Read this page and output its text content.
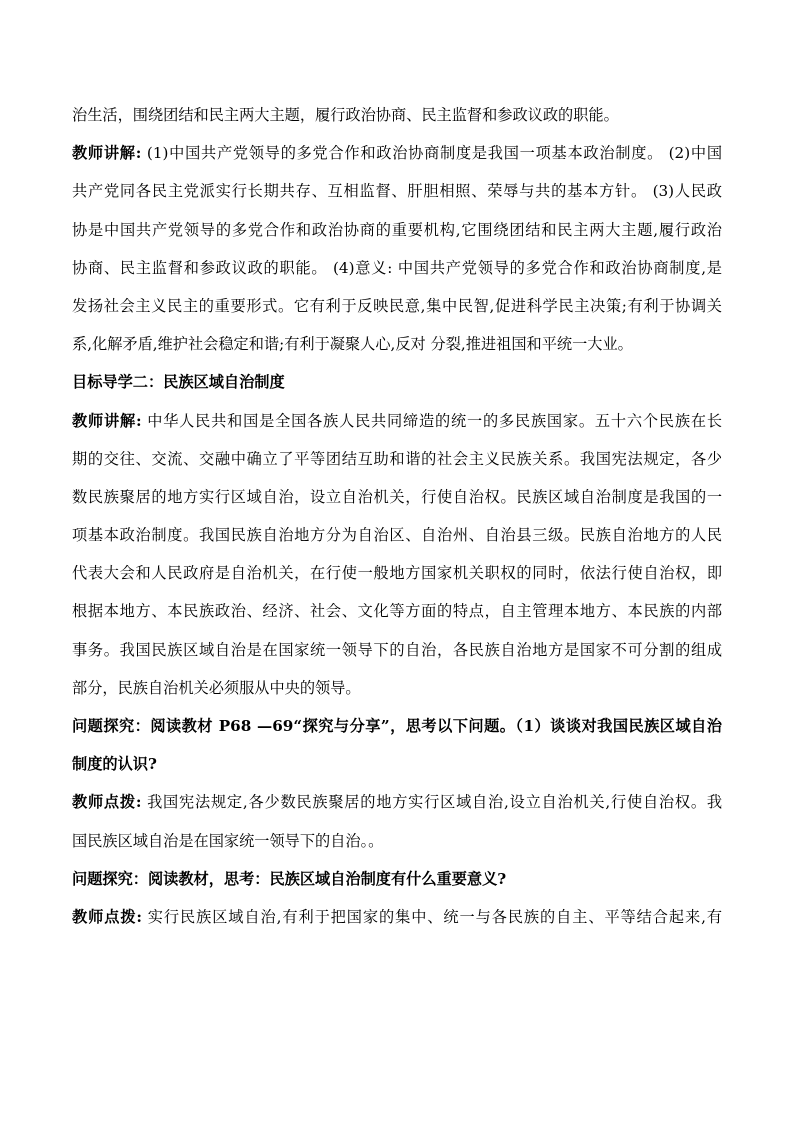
治生活，围绕团结和民主两大主题，履行政治协商、民主监督和参政议政的职能。
教师讲解: (1)中国共产党领导的多党合作和政治协商制度是我国一项基本政治制度。 (2)中国
共产党同各民主党派实行长期共存、互相监督、肝胆相照、荣辱与共的基本方针。 (3)人民政
协是中国共产党领导的多党合作和政治协商的重要机构,它围绕团结和民主两大主题,履行政治
协商、民主监督和参政议政的职能。 (4)意义: 中国共产党领导的多党合作和政治协商制度,是
发扬社会主义民主的重要形式。它有利于反映民意,集中民智,促进科学民主决策;有利于协调关
系,化解矛盾,维护社会稳定和谐;有利于凝聚人心,反对 分裂,推进祖国和平统一大业。
目标导学二：民族区域自治制度
教师讲解: 中华人民共和国是全国各族人民共同缔造的统一的多民族国家。五十六个民族在长
期的交往、交流、交融中确立了平等团结互助和谐的社会主义民族关系。我国宪法规定，各少
数民族聚居的地方实行区域自治，设立自治机关，行使自治权。民族区域自治制度是我国的一
项基本政治制度。我国民族自治地方分为自治区、自治州、自治县三级。民族自治地方的人民
代表大会和人民政府是自治机关，在行使一般地方国家机关职权的同时，依法行使自治权，即
根据本地方、本民族政治、经济、社会、文化等方面的特点，自主管理本地方、本民族的内部
事务。我国民族区域自治是在国家统一领导下的自治，各民族自治地方是国家不可分割的组成
部分，民族自治机关必须服从中央的领导。
问题探究：阅读教材 P68 —69“探究与分享”，思考以下问题。（1）谈谈对我国民族区域自治
制度的认识?
教师点拨: 我国宪法规定,各少数民族聚居的地方实行区域自治,设立自治机关,行使自治权。我
国民族区域自治是在国家统一领导下的自治。。
问题探究：阅读教材，思考：民族区域自治制度有什么重要意义?
教师点拨: 实行民族区域自治,有利于把国家的集中、统一与各民族的自主、平等结合起来,有
